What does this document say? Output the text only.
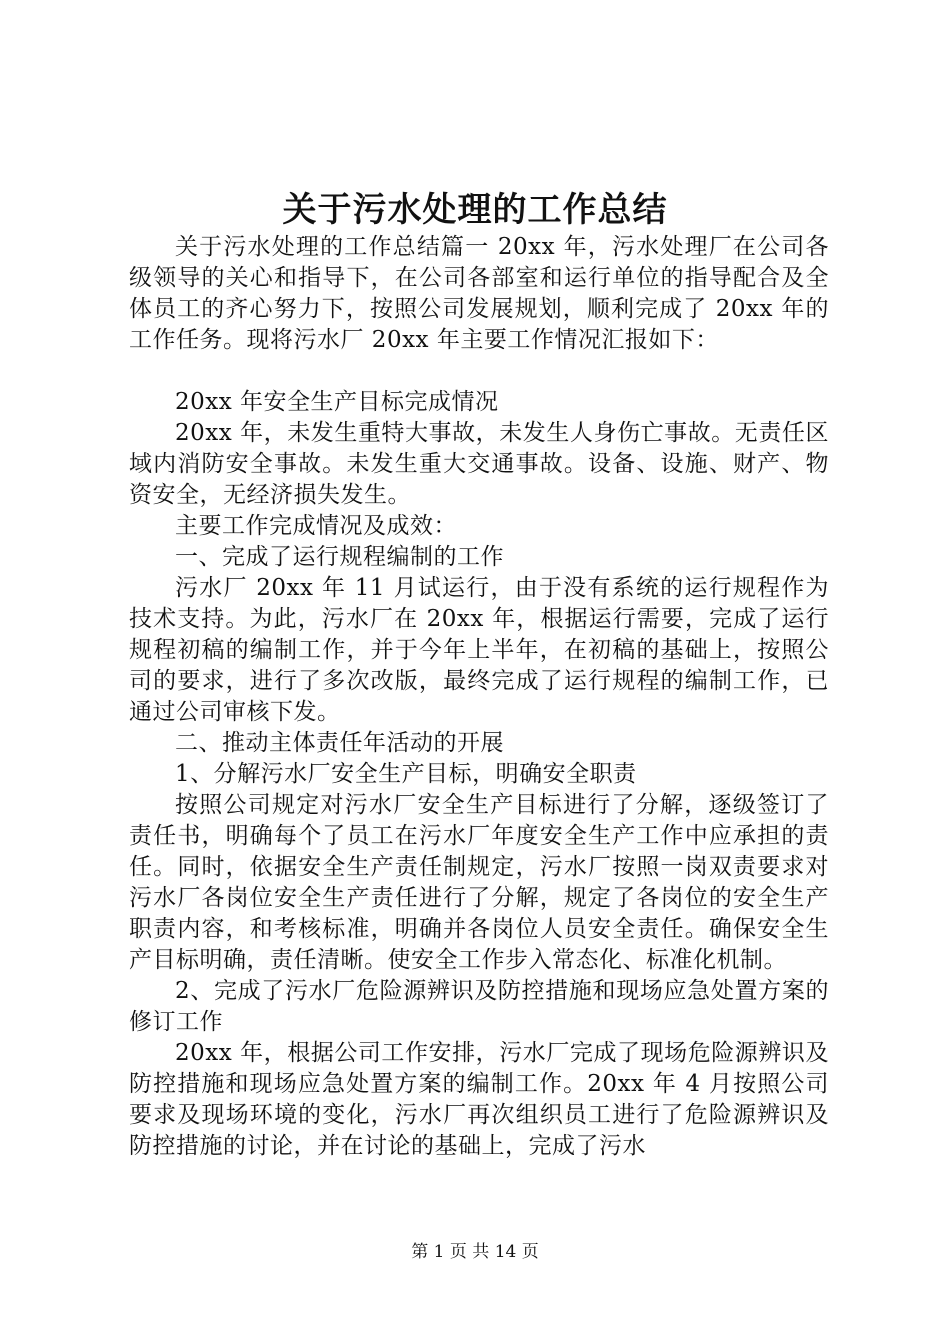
关于污水处理的工作总结

关于污水处理的工作总结篇一 20xx 年，污水处理厂在公司各级领导的关心和指导下，在公司各部室和运行单位的指导配合及全体员工的齐心努力下，按照公司发展规划，顺利完成了 20xx 年的工作任务。现将污水厂 20xx 年主要工作情况汇报如下：

20xx 年安全生产目标完成情况

20xx 年，未发生重特大事故，未发生人身伤亡事故。无责任区域内消防安全事故。未发生重大交通事故。设备、设施、财产、物资安全，无经济损失发生。

主要工作完成情况及成效：

一、完成了运行规程编制的工作

污水厂 20xx 年 11 月试运行，由于没有系统的运行规程作为技术支持。为此，污水厂在 20xx 年，根据运行需要，完成了运行规程初稿的编制工作，并于今年上半年，在初稿的基础上，按照公司的要求，进行了多次改版，最终完成了运行规程的编制工作，已通过公司审核下发。

二、推动主体责任年活动的开展

1、分解污水厂安全生产目标，明确安全职责

按照公司规定对污水厂安全生产目标进行了分解，逐级签订了责任书，明确每个了员工在污水厂年度安全生产工作中应承担的责任。同时，依据安全生产责任制规定，污水厂按照一岗双责要求对污水厂各岗位安全生产责任进行了分解，规定了各岗位的安全生产职责内容，和考核标准，明确并各岗位人员安全责任。确保安全生产目标明确，责任清晰。使安全工作步入常态化、标准化机制。

2、完成了污水厂危险源辨识及防控措施和现场应急处置方案的修订工作

20xx 年，根据公司工作安排，污水厂完成了现场危险源辨识及防控措施和现场应急处置方案的编制工作。20xx 年 4 月按照公司要求及现场环境的变化，污水厂再次组织员工进行了危险源辨识及防控措施的讨论，并在讨论的基础上，完成了污水

第 1 页 共 14 页
